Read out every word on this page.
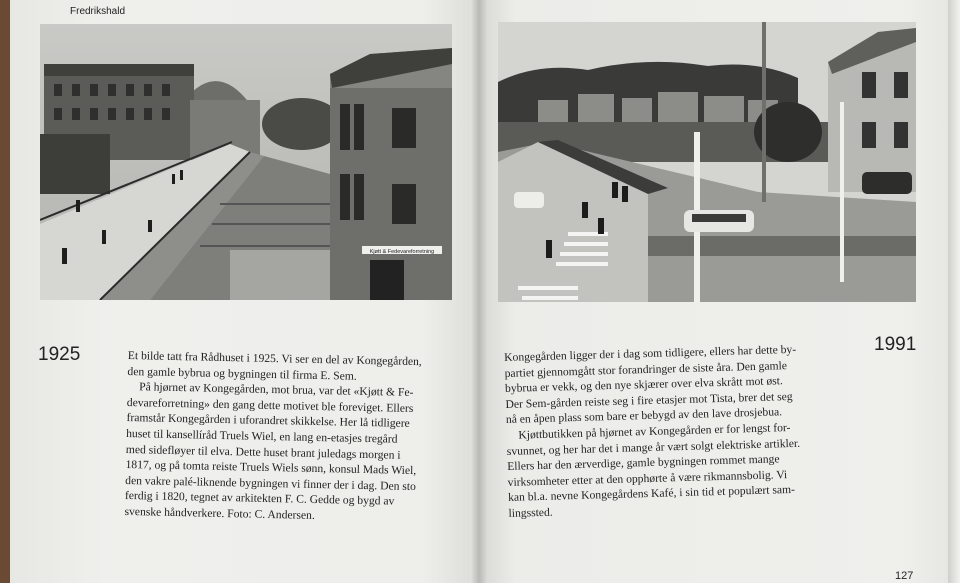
Fredrikshald
Kjøtt & Fedevareforretning
1925	1991
Et bilde tatt fra Rådhuset i 1925. Vi ser en del av Kongegården,
den gamle bybrua og bygningen til firma E. Sem.
På hjørnet av Kongegården, mot brua, var det «Kjøtt & Fe-
devareforretning» den gang dette motivet ble foreviget. Ellers
framstår Kongegården i uforandret skikkelse. Her lå tidligere
huset til kansellíråd Truels Wiel, en lang en-etasjes tregård
med sidefløyer til elva. Dette huset brant juledags morgen i
1817, og på tomta reiste Truels Wiels sønn, konsul Mads Wiel,
den vakre palé-liknende bygningen vi finner der i dag. Den sto
ferdig i 1820, tegnet av arkitekten F. C. Gedde og bygd av
svenske håndverkere. Foto: C. Andersen.
Kongegården ligger der i dag som tidligere, ellers har dette by-
partiet gjennomgått stor forandringer de siste åra. Den gamle
bybrua er vekk, og den nye skjærer over elva skrått mot øst.
Der Sem-gården reiste seg i fire etasjer mot Tista, brer det seg
nå en åpen plass som bare er bebygd av den lave drosjebua.
Kjøttbutikken på hjørnet av Kongegården er for lengst for-
svunnet, og her har det i mange år vært solgt elektriske artikler.
Ellers har den ærverdige, gamle bygningen rommet mange
virksomheter etter at den opphørte å være rikmannsbolig. Vi
kan bl.a. nevne Kongegårdens Kafé, i sin tid et populært sam-
lingssted.
127
